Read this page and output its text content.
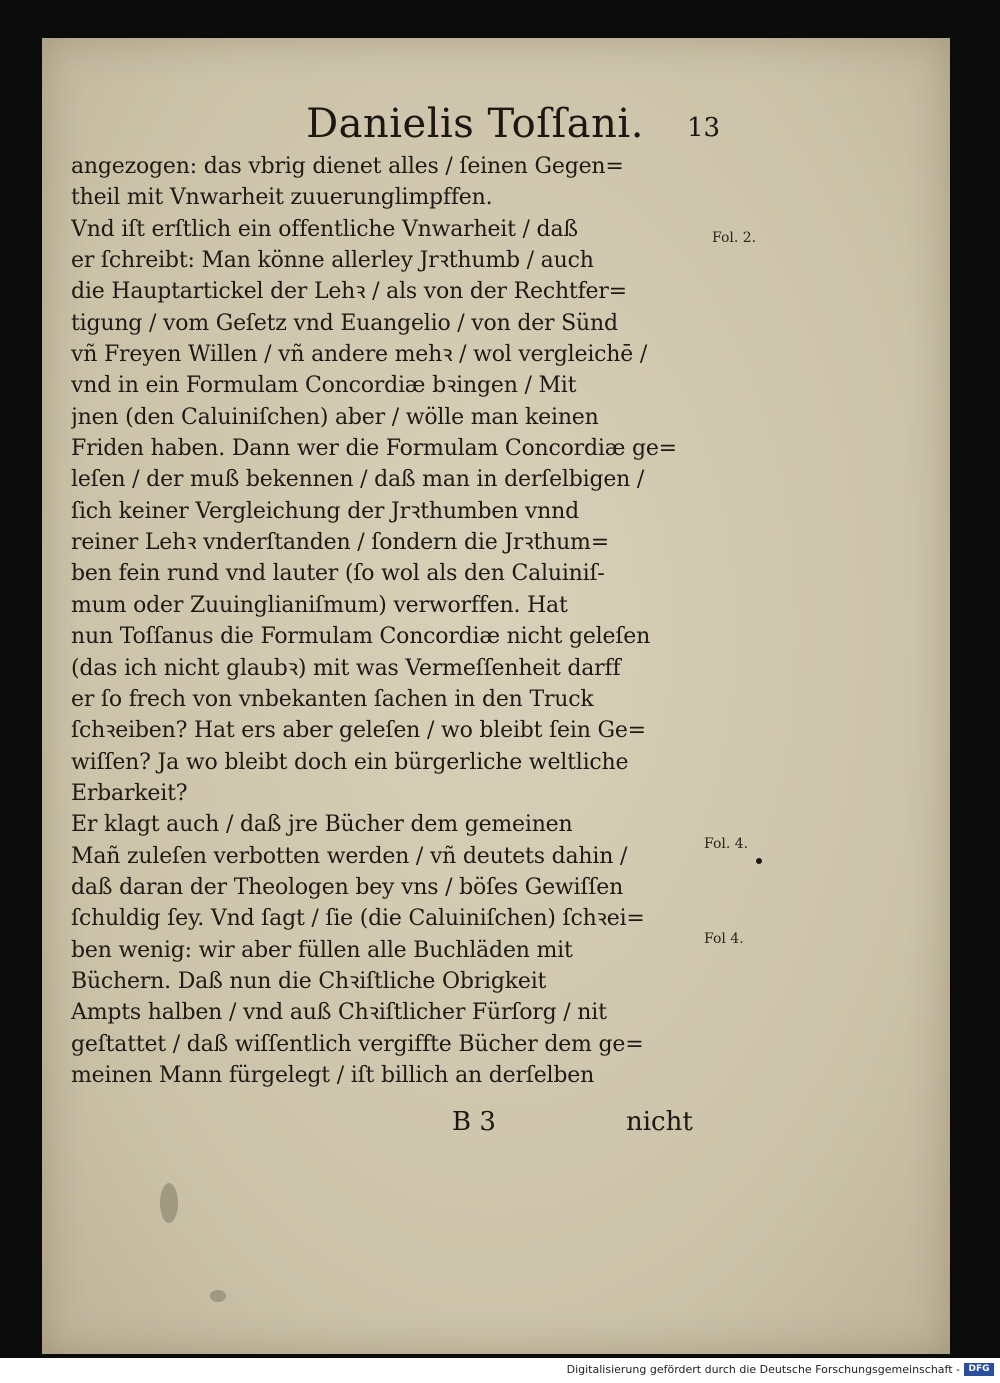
Danielis Toſſani.	13
angezogen: das vbrig dienet alles / ſeinen Gegen=
theil mit Vnwarheit zuuerunglimpffen.
Vnd iſt erſtlich ein offentliche Vnwarheit / daß
er ſchreibt: Man könne allerley Jrꝛthumb / auch
die Hauptartickel der Lehꝛ / als von der Rechtfer=
tigung / vom Geſetz vnd Euangelio / von der Sünd
vñ Freyen Willen / vñ andere mehꝛ / wol vergleichē /
vnd in ein Formulam Concordiæ bꝛingen / Mit
jnen (den Caluiniſchen) aber / wölle man keinen
Friden haben. Dann wer die Formulam Concordiæ ge=
leſen / der muß bekennen / daß man in derſelbigen /
ſich keiner Vergleichung der Jrꝛthumben vnnd
reiner Lehꝛ vnderſtanden / ſondern die Jrꝛthum=
ben fein rund vnd lauter (ſo wol als den Caluiniſ-
mum oder Zuuinglianiſmum) verworffen. Hat
nun Toſſanus die Formulam Concordiæ nicht geleſen
(das ich nicht glaubꝛ) mit was Vermeſſenheit darff
er ſo frech von vnbekanten ſachen in den Truck
ſchꝛeiben? Hat ers aber geleſen / wo bleibt ſein Ge=
wiſſen? Ja wo bleibt doch ein bürgerliche weltliche
Erbarkeit?
Er klagt auch / daß jre Bücher dem gemeinen
Mañ zuleſen verbotten werden / vñ deutets dahin /
daß daran der Theologen bey vns / böſes Gewiſſen
ſchuldig ſey. Vnd ſagt / ſie (die Caluiniſchen) ſchꝛei=
ben wenig: wir aber füllen alle Buchläden mit
Büchern. Daß nun die Chꝛiſtliche Obrigkeit
Ampts halben / vnd auß Chꝛiſtlicher Fürſorg / nit
geſtattet / daß wiſſentlich vergiffte Bücher dem ge=
meinen Mann fürgelegt / iſt billich an derſelben
Fol. 2.
Fol. 4.
Fol 4.
B 3	nicht
Digitalisierung gefördert durch die Deutsche Forschungsgemeinschaft - DFG
